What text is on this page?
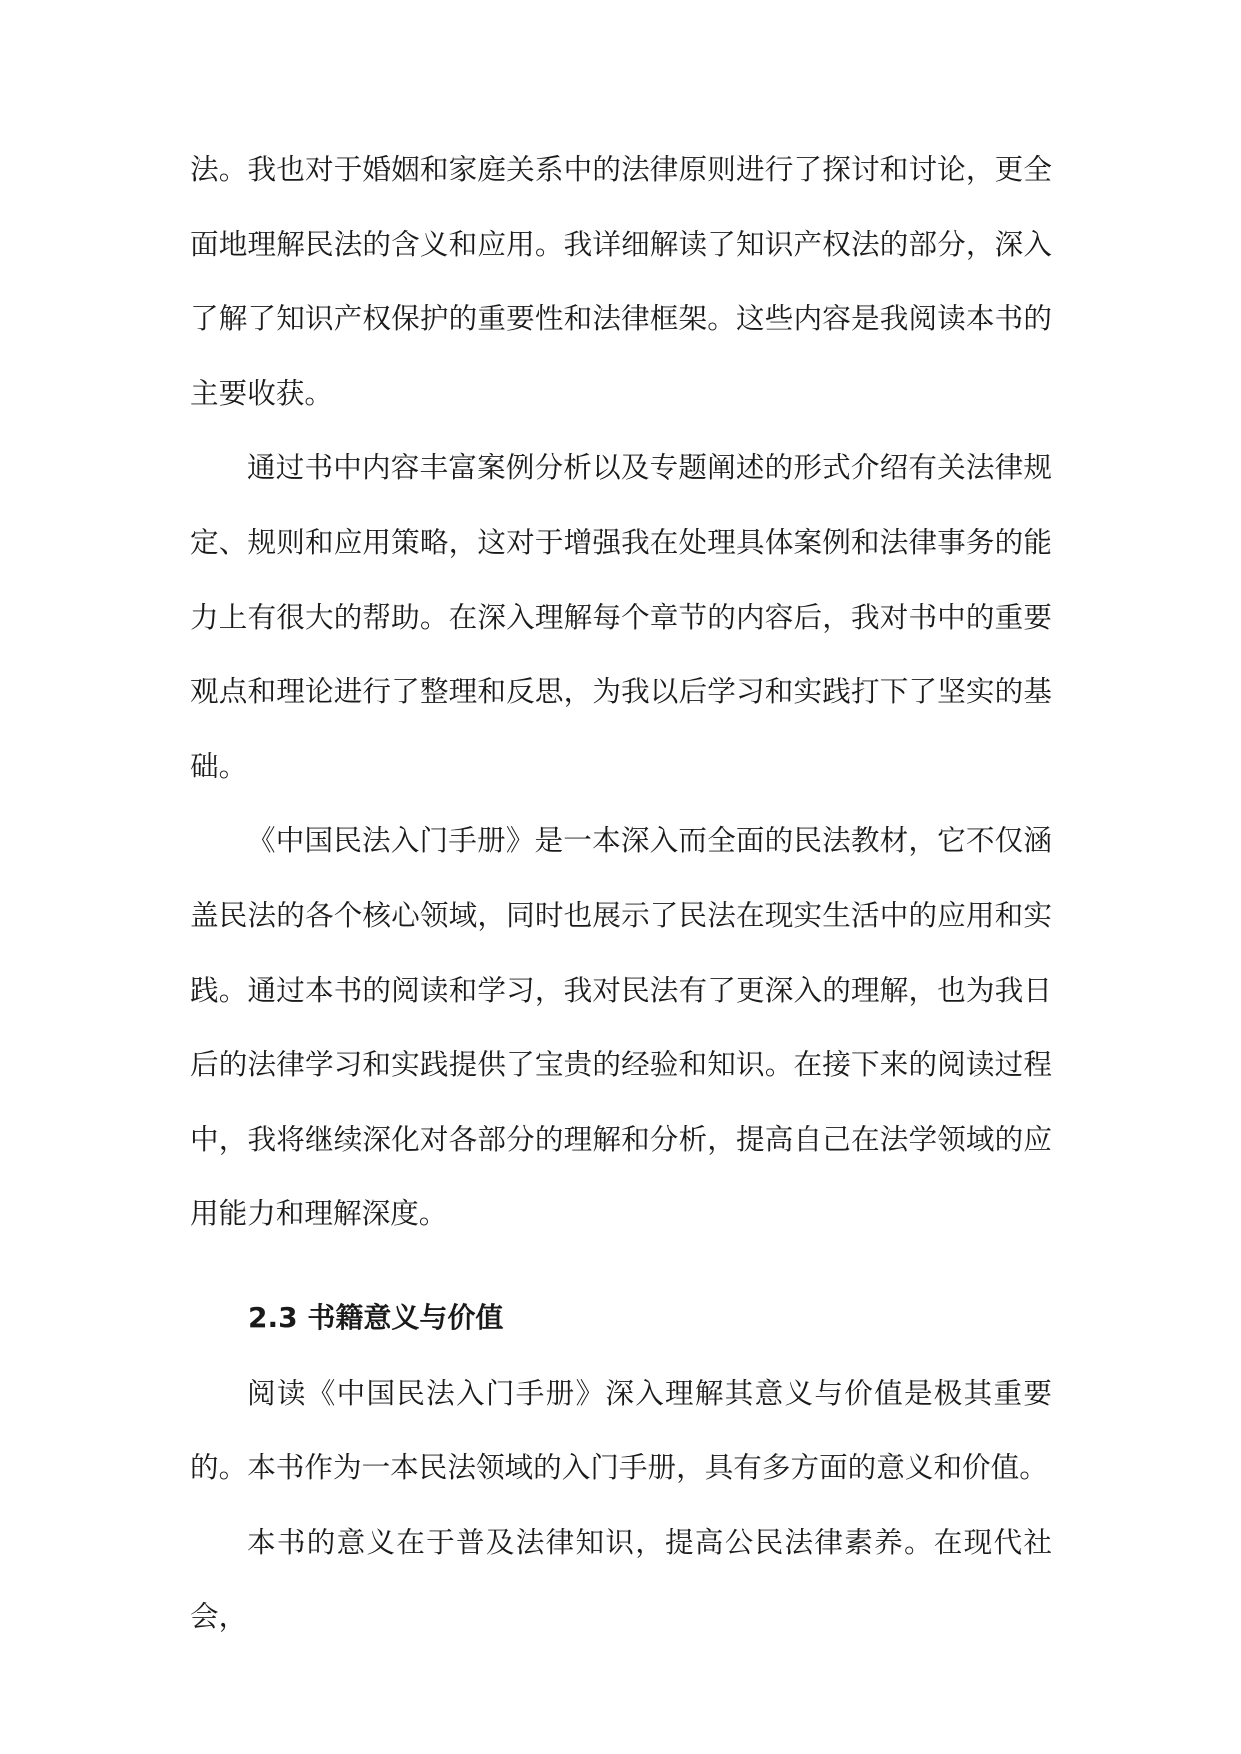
法。我也对于婚姻和家庭关系中的法律原则进行了探讨和讨论，更全面地理解民法的含义和应用。我详细解读了知识产权法的部分，深入了解了知识产权保护的重要性和法律框架。这些内容是我阅读本书的主要收获。

通过书中内容丰富案例分析以及专题阐述的形式介绍有关法律规定、规则和应用策略，这对于增强我在处理具体案例和法律事务的能力上有很大的帮助。在深入理解每个章节的内容后，我对书中的重要观点和理论进行了整理和反思，为我以后学习和实践打下了坚实的基础。

《中国民法入门手册》是一本深入而全面的民法教材，它不仅涵盖民法的各个核心领域，同时也展示了民法在现实生活中的应用和实践。通过本书的阅读和学习，我对民法有了更深入的理解，也为我日后的法律学习和实践提供了宝贵的经验和知识。在接下来的阅读过程中，我将继续深化对各部分的理解和分析，提高自己在法学领域的应用能力和理解深度。

2.3 书籍意义与价值

阅读《中国民法入门手册》深入理解其意义与价值是极其重要的。本书作为一本民法领域的入门手册，具有多方面的意义和价值。

本书的意义在于普及法律知识，提高公民法律素养。在现代社会，
